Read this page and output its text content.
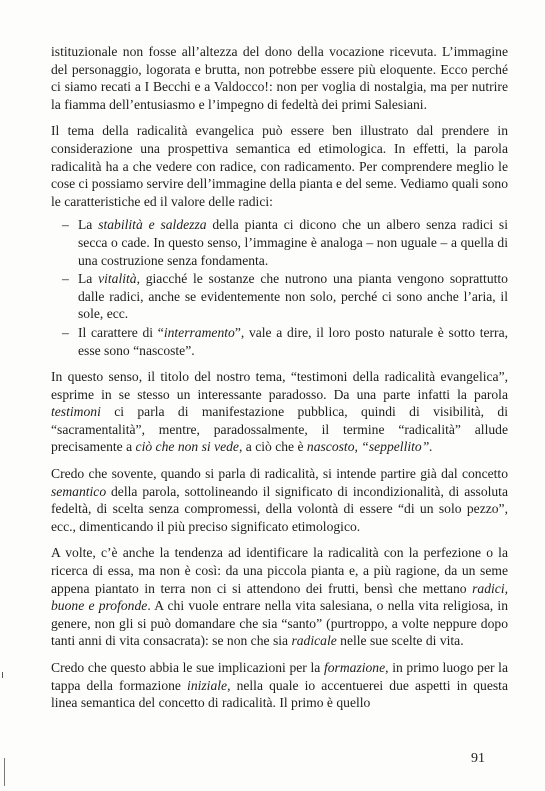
istituzionale non fosse all’altezza del dono della vocazione ricevuta. L’immagine del personaggio, logorata e brutta, non potrebbe essere più eloquente. Ecco perché ci siamo recati a I Becchi e a Valdocco!: non per voglia di nostalgia, ma per nutrire la fiamma dell’entusiasmo e l’impegno di fedeltà dei primi Salesiani.

Il tema della radicalità evangelica può essere ben illustrato dal prendere in considerazione una prospettiva semantica ed etimologica. In effetti, la parola radicalità ha a che vedere con radice, con radicamento. Per comprendere meglio le cose ci possiamo servire dell’immagine della pianta e del seme. Vediamo quali sono le caratteristiche ed il valore delle radici:

– La stabilità e saldezza della pianta ci dicono che un albero senza radici si secca o cade. In questo senso, l’immagine è analoga – non uguale – a quella di una costruzione senza fondamenta.
– La vitalità, giacché le sostanze che nutrono una pianta vengono soprattutto dalle radici, anche se evidentemente non solo, perché ci sono anche l’aria, il sole, ecc.
– Il carattere di “interramento”, vale a dire, il loro posto naturale è sotto terra, esse sono “nascoste”.

In questo senso, il titolo del nostro tema, “testimoni della radicalità evangelica”, esprime in se stesso un interessante paradosso. Da una parte infatti la parola testimoni ci parla di manifestazione pubblica, quindi di visibilità, di “sacramentalità”, mentre, paradossalmente, il termine “radicalità” allude precisamente a ciò che non si vede, a ciò che è nascosto, “seppellito”.

Credo che sovente, quando si parla di radicalità, si intende partire già dal concetto semantico della parola, sottolineando il significato di incondizionalità, di assoluta fedeltà, di scelta senza compromessi, della volontà di essere “di un solo pezzo”, ecc., dimenticando il più preciso significato etimologico.

A volte, c’è anche la tendenza ad identificare la radicalità con la perfezione o la ricerca di essa, ma non è così: da una piccola pianta e, a più ragione, da un seme appena piantato in terra non ci si attendono dei frutti, bensì che mettano radici, buone e profonde. A chi vuole entrare nella vita salesiana, o nella vita religiosa, in genere, non gli si può domandare che sia “santo” (purtroppo, a volte neppure dopo tanti anni di vita consacrata): se non che sia radicale nelle sue scelte di vita.

Credo che questo abbia le sue implicazioni per la formazione, in primo luogo per la tappa della formazione iniziale, nella quale io accentuerei due aspetti in questa linea semantica del concetto di radicalità. Il primo è quello

91
